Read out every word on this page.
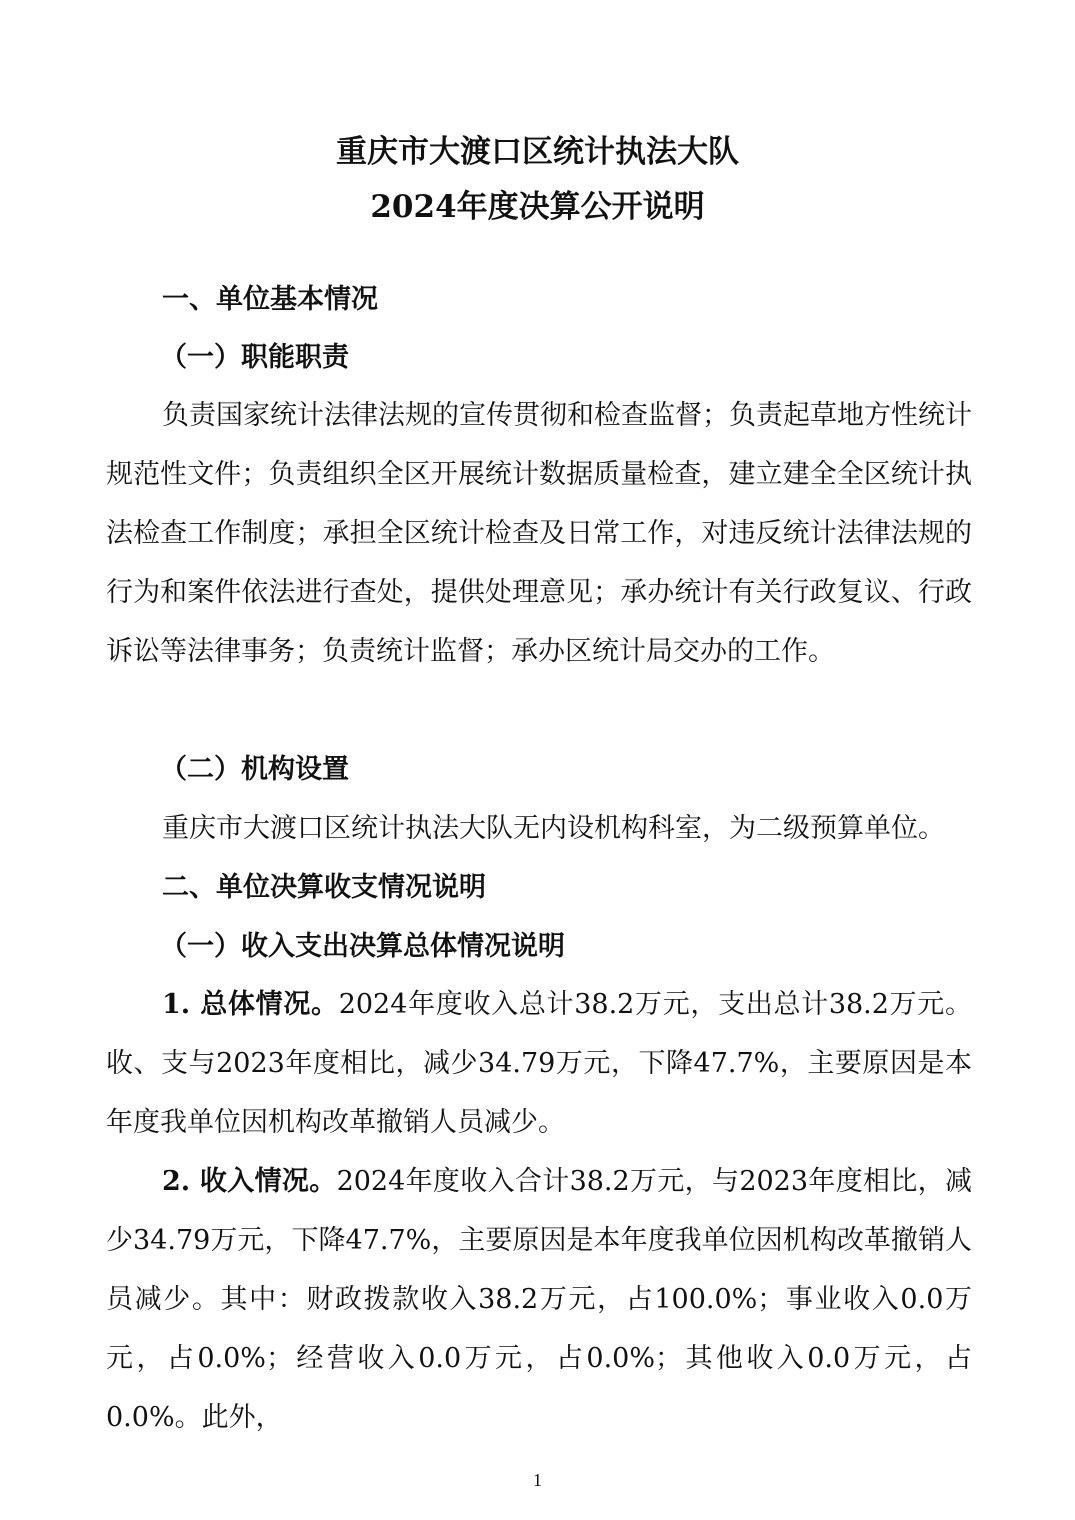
重庆市大渡口区统计执法大队
2024年度决算公开说明
一、单位基本情况
（一）职能职责
负责国家统计法律法规的宣传贯彻和检查监督；负责起草地方性统计规范性文件；负责组织全区开展统计数据质量检查，建立建全全区统计执法检查工作制度；承担全区统计检查及日常工作，对违反统计法律法规的行为和案件依法进行查处，提供处理意见；承办统计有关行政复议、行政诉讼等法律事务；负责统计监督；承办区统计局交办的工作。
（二）机构设置
重庆市大渡口区统计执法大队无内设机构科室，为二级预算单位。
二、单位决算收支情况说明
（一）收入支出决算总体情况说明
1. 总体情况。2024年度收入总计38.2万元，支出总计38.2万元。收、支与2023年度相比，减少34.79万元，下降47.7%，主要原因是本年度我单位因机构改革撤销人员减少。
2. 收入情况。2024年度收入合计38.2万元，与2023年度相比，减少34.79万元，下降47.7%，主要原因是本年度我单位因机构改革撤销人员减少。其中：财政拨款收入38.2万元，占100.0%；事业收入0.0万元，占0.0%；经营收入0.0万元，占0.0%；其他收入0.0万元，占0.0%。此外，
1
